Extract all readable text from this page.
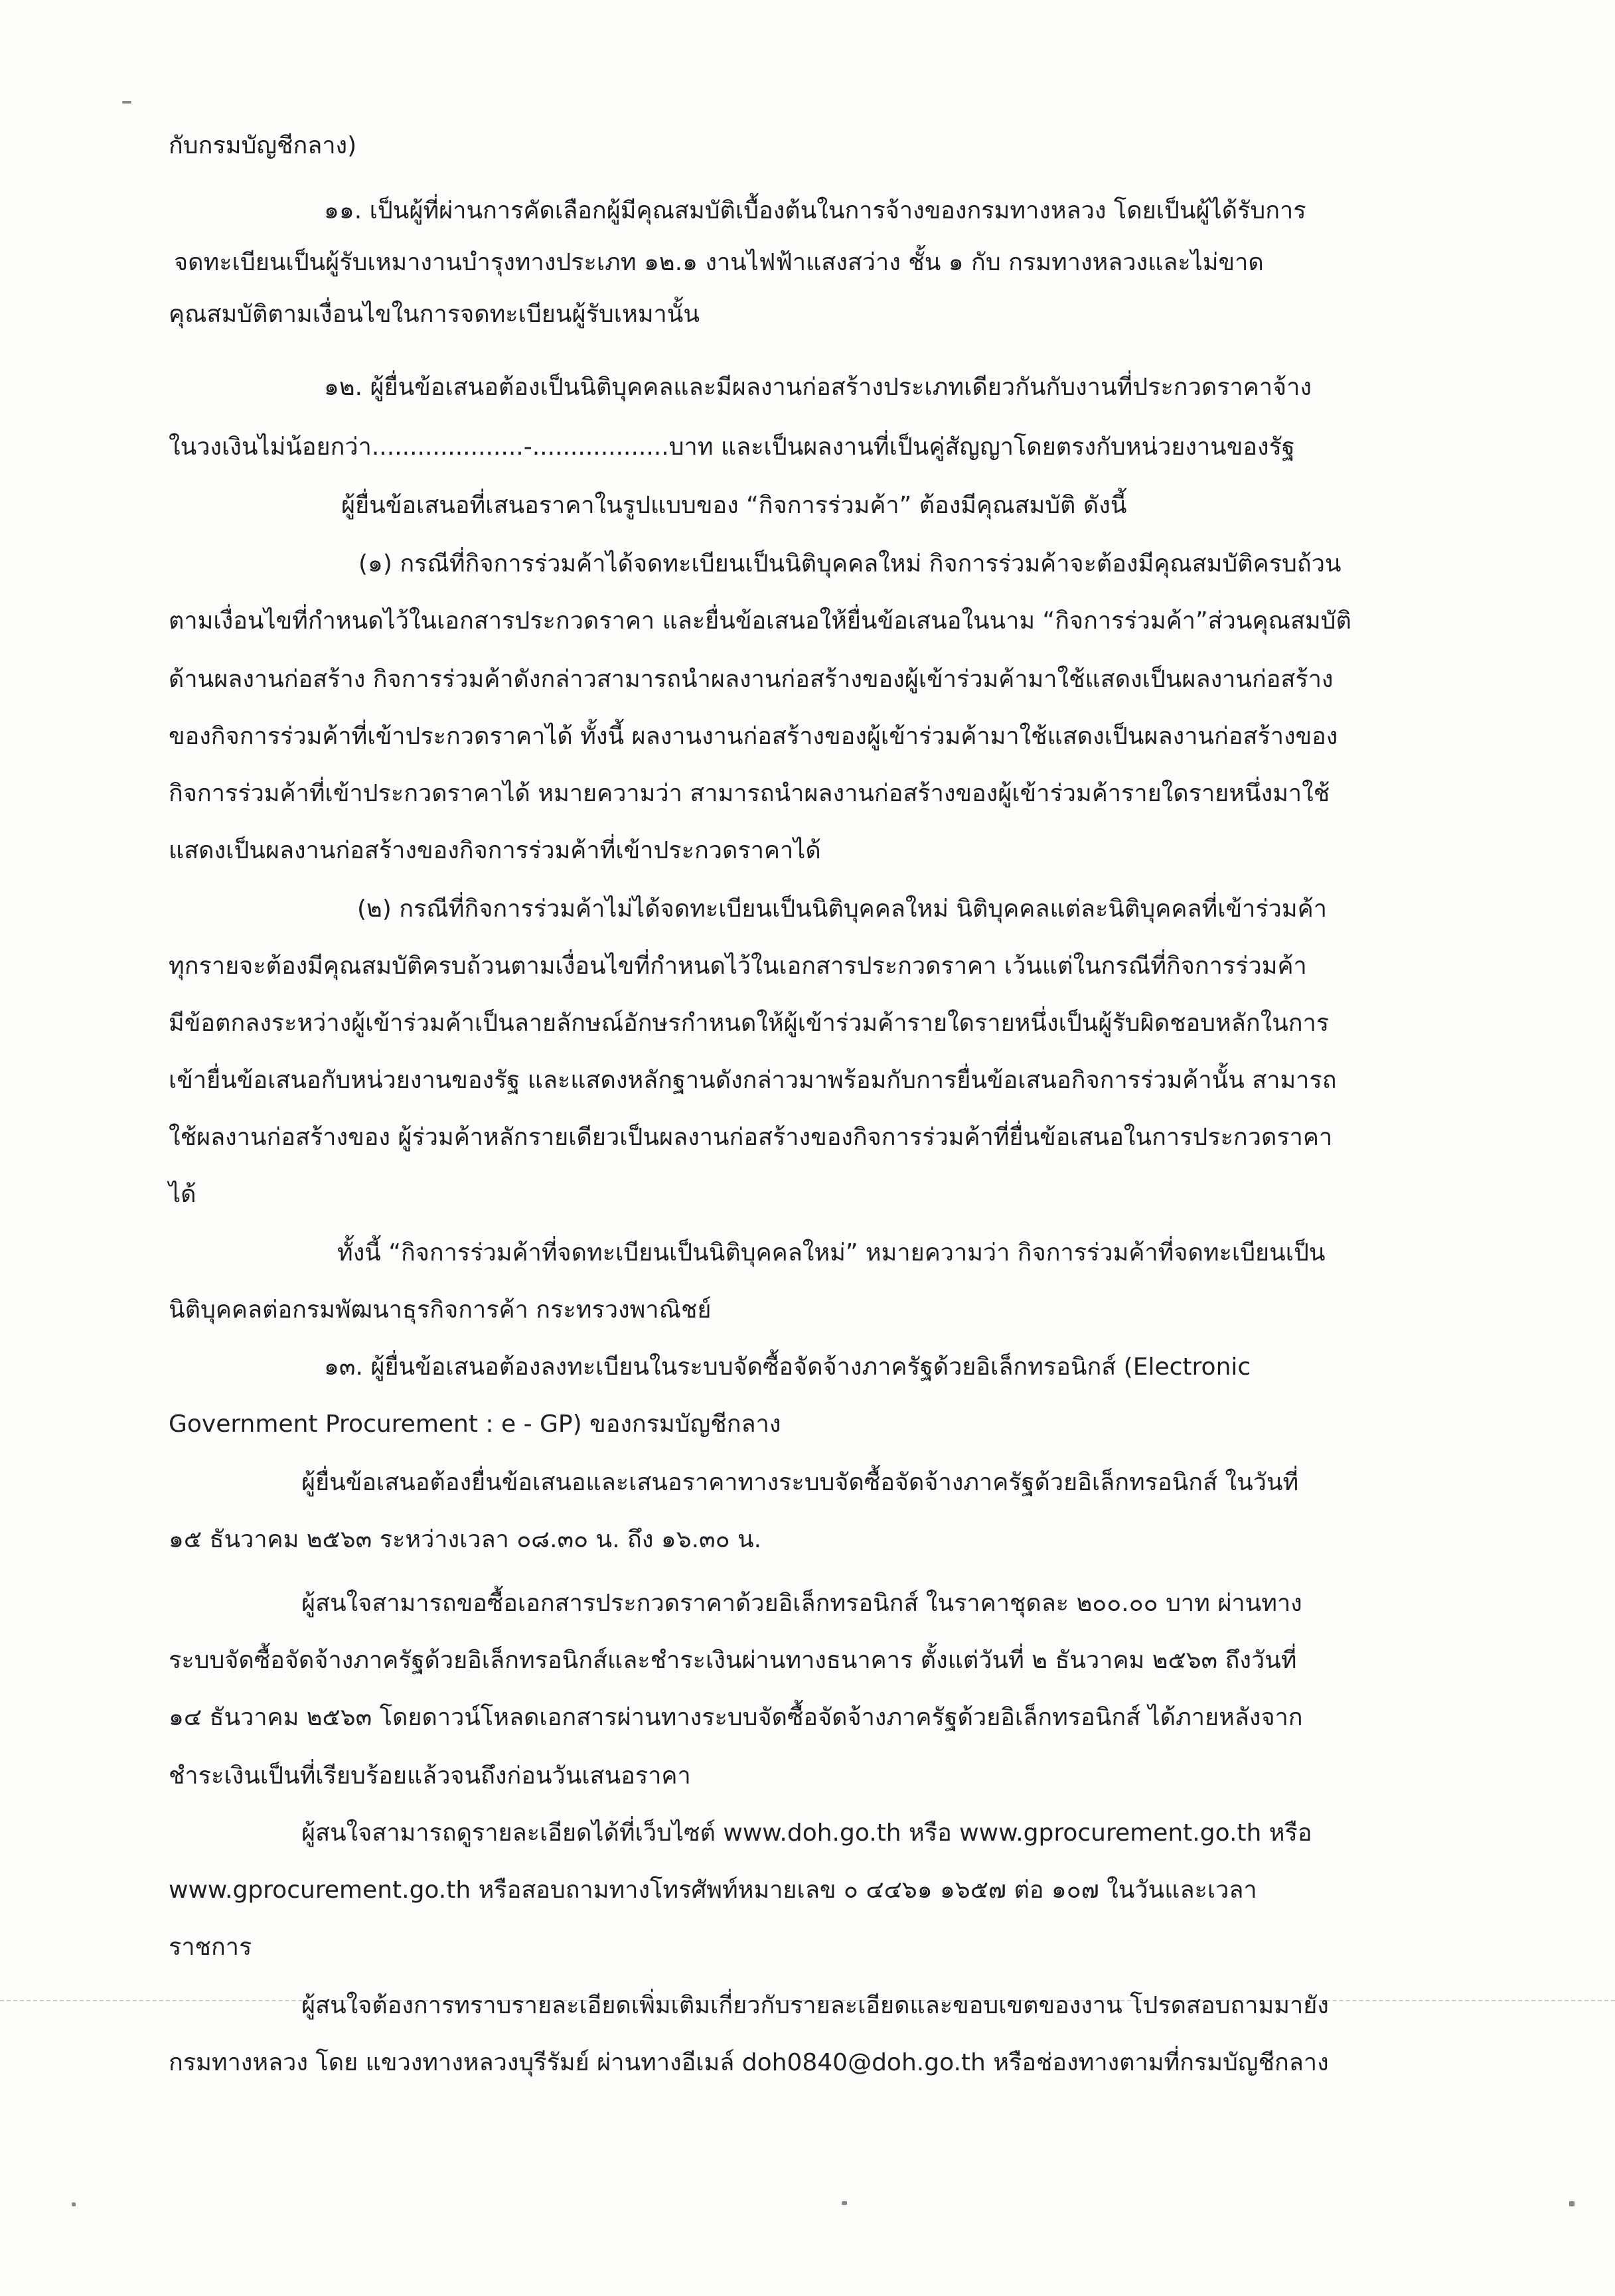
กับกรมบัญชีกลาง)
๑๑. เป็นผู้ที่ผ่านการคัดเลือกผู้มีคุณสมบัติเบื้องต้นในการจ้างของกรมทางหลวง โดยเป็นผู้ได้รับการ
จดทะเบียนเป็นผู้รับเหมางานบำรุงทางประเภท ๑๒.๑ งานไฟฟ้าแสงสว่าง ชั้น ๑ กับ กรมทางหลวงและไม่ขาด
คุณสมบัติตามเงื่อนไขในการจดทะเบียนผู้รับเหมานั้น
๑๒. ผู้ยื่นข้อเสนอต้องเป็นนิติบุคคลและมีผลงานก่อสร้างประเภทเดียวกันกับงานที่ประกวดราคาจ้าง
ในวงเงินไม่น้อยกว่า....................-..................บาท และเป็นผลงานที่เป็นคู่สัญญาโดยตรงกับหน่วยงานของรัฐ
ผู้ยื่นข้อเสนอที่เสนอราคาในรูปแบบของ “กิจการร่วมค้า” ต้องมีคุณสมบัติ ดังนี้
(๑) กรณีที่กิจการร่วมค้าได้จดทะเบียนเป็นนิติบุคคลใหม่ กิจการร่วมค้าจะต้องมีคุณสมบัติครบถ้วน
ตามเงื่อนไขที่กำหนดไว้ในเอกสารประกวดราคา และยื่นข้อเสนอให้ยื่นข้อเสนอในนาม “กิจการร่วมค้า”ส่วนคุณสมบัติ
ด้านผลงานก่อสร้าง กิจการร่วมค้าดังกล่าวสามารถนำผลงานก่อสร้างของผู้เข้าร่วมค้ามาใช้แสดงเป็นผลงานก่อสร้าง
ของกิจการร่วมค้าที่เข้าประกวดราคาได้ ทั้งนี้ ผลงานงานก่อสร้างของผู้เข้าร่วมค้ามาใช้แสดงเป็นผลงานก่อสร้างของ
กิจการร่วมค้าที่เข้าประกวดราคาได้ หมายความว่า สามารถนำผลงานก่อสร้างของผู้เข้าร่วมค้ารายใดรายหนึ่งมาใช้
แสดงเป็นผลงานก่อสร้างของกิจการร่วมค้าที่เข้าประกวดราคาได้
(๒) กรณีที่กิจการร่วมค้าไม่ได้จดทะเบียนเป็นนิติบุคคลใหม่ นิติบุคคลแต่ละนิติบุคคลที่เข้าร่วมค้า
ทุกรายจะต้องมีคุณสมบัติครบถ้วนตามเงื่อนไขที่กำหนดไว้ในเอกสารประกวดราคา เว้นแต่ในกรณีที่กิจการร่วมค้า
มีข้อตกลงระหว่างผู้เข้าร่วมค้าเป็นลายลักษณ์อักษรกำหนดให้ผู้เข้าร่วมค้ารายใดรายหนึ่งเป็นผู้รับผิดชอบหลักในการ
เข้ายื่นข้อเสนอกับหน่วยงานของรัฐ และแสดงหลักฐานดังกล่าวมาพร้อมกับการยื่นข้อเสนอกิจการร่วมค้านั้น สามารถ
ใช้ผลงานก่อสร้างของ ผู้ร่วมค้าหลักรายเดียวเป็นผลงานก่อสร้างของกิจการร่วมค้าที่ยื่นข้อเสนอในการประกวดราคา
ได้
ทั้งนี้ “กิจการร่วมค้าที่จดทะเบียนเป็นนิติบุคคลใหม่” หมายความว่า กิจการร่วมค้าที่จดทะเบียนเป็น
นิติบุคคลต่อกรมพัฒนาธุรกิจการค้า กระทรวงพาณิชย์
๑๓. ผู้ยื่นข้อเสนอต้องลงทะเบียนในระบบจัดซื้อจัดจ้างภาครัฐด้วยอิเล็กทรอนิกส์ (Electronic
Government Procurement : e - GP) ของกรมบัญชีกลาง
ผู้ยื่นข้อเสนอต้องยื่นข้อเสนอและเสนอราคาทางระบบจัดซื้อจัดจ้างภาครัฐด้วยอิเล็กทรอนิกส์ ในวันที่
๑๕ ธันวาคม ๒๕๖๓ ระหว่างเวลา ๐๘.๓๐ น. ถึง ๑๖.๓๐ น.
ผู้สนใจสามารถขอซื้อเอกสารประกวดราคาด้วยอิเล็กทรอนิกส์ ในราคาชุดละ ๒๐๐.๐๐ บาท ผ่านทาง
ระบบจัดซื้อจัดจ้างภาครัฐด้วยอิเล็กทรอนิกส์และชำระเงินผ่านทางธนาคาร ตั้งแต่วันที่ ๒ ธันวาคม ๒๕๖๓ ถึงวันที่
๑๔ ธันวาคม ๒๕๖๓ โดยดาวน์โหลดเอกสารผ่านทางระบบจัดซื้อจัดจ้างภาครัฐด้วยอิเล็กทรอนิกส์ ได้ภายหลังจาก
ชำระเงินเป็นที่เรียบร้อยแล้วจนถึงก่อนวันเสนอราคา
ผู้สนใจสามารถดูรายละเอียดได้ที่เว็บไซต์ www.doh.go.th หรือ www.gprocurement.go.th หรือ
www.gprocurement.go.th หรือสอบถามทางโทรศัพท์หมายเลข ๐ ๔๔๖๑ ๑๖๕๗ ต่อ ๑๐๗ ในวันและเวลา
ราชการ
ผู้สนใจต้องการทราบรายละเอียดเพิ่มเติมเกี่ยวกับรายละเอียดและขอบเขตของงาน โปรดสอบถามมายัง
กรมทางหลวง โดย แขวงทางหลวงบุรีรัมย์ ผ่านทางอีเมล์ doh0840@doh.go.th หรือช่องทางตามที่กรมบัญชีกลาง
